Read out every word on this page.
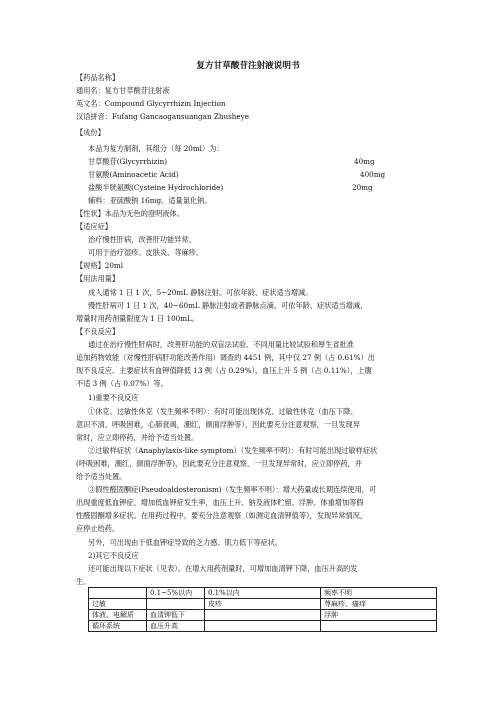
复方甘草酸苷注射液说明书
【药品名称】
通用名：复方甘草酸苷注射液
英文名：Compound Glycyrrhizin Injection
汉语拼音：Fufang Gancaogansuangan Zhusheye
【成份】
本品为复方制剂，其组分（每 20ml）为：
甘草酸苷(Glycyrrhizin)	40mg
甘氨酸(Aminoacetic Acid)	400mg
盐酸半胱氨酸(Cysteine Hydrochloride)	20mg
辅料：亚硫酸钠 16mg、适量氯化钠。
【性状】本品为无色的澄明液体。
【适应症】
治疗慢性肝病，改善肝功能异常。
可用于治疗湿疹、皮肤炎、荨麻疹。
【规格】20ml
【用法用量】
成人通常 1 日 1 次，5~20mL 静脉注射。可依年龄、症状适当增减。
慢性肝病可 1 日 1 次，40~60mL 静脉注射或者静脉点滴。可依年龄、症状适当增减，
增量时用药剂量限度为 1 日 100mL。
【不良反应】
通过在治疗慢性肝病时，改善肝功能的双盲法试验、不同用量比较试验和厚生省批准
追加药物效能（对慢性肝病肝功能改善作用）调查的 4451 例，其中仅 27 例（占 0.61%）出
现不良反应。主要症状有血钾值降低 13 例（占 0.29%），血压上升 5 例（占 0.11%），上腹
不适 3 例（占 0.07%）等。
1)重要不良反应
①休克、过敏性休克（发生频率不明）：有时可能出现休克、过敏性休克（血压下降、
意识不清、呼吸困难，心肺衰竭，潮红，颜面浮肿等），因此要充分注意观察，一旦发现异
常时，应立即停药，并给予适当处置。
②过敏样症状（Anaphylaxis-like symptom）（发生频率不明）：有时可能出现过敏样症状
(呼吸困难，潮红，颜面浮肿等)，因此要充分注意观察，一旦发现异常时，应立即停药，并
给予适当处置。
③假性醛固酮症(Pseudoaldosteronism)（发生频率不明）：增大药量或长期连续使用，可
出现重度低血钾症、增加低血钾症发生率，血压上升、钠及液体贮留、浮肿、体重增加等假
性醛固酮增多症状。在用药过程中，要充分注意观察（如测定血清钾值等），发现异常情况，
应停止给药。
另外，可出现由于低血钾症导致的乏力感、肌力低下等症状。
2)其它不良反应
还可能出现以下症状（见表）。在增大用药剂量时，可增加血清钾下降，血压升高的发
生。
	0.1~5%以内	0.1%以内	频率不明
过敏		皮疹	荨麻疹、瘙痒
体液、电解质	血清钾低下		浮肿
循环系统	血压升高		
